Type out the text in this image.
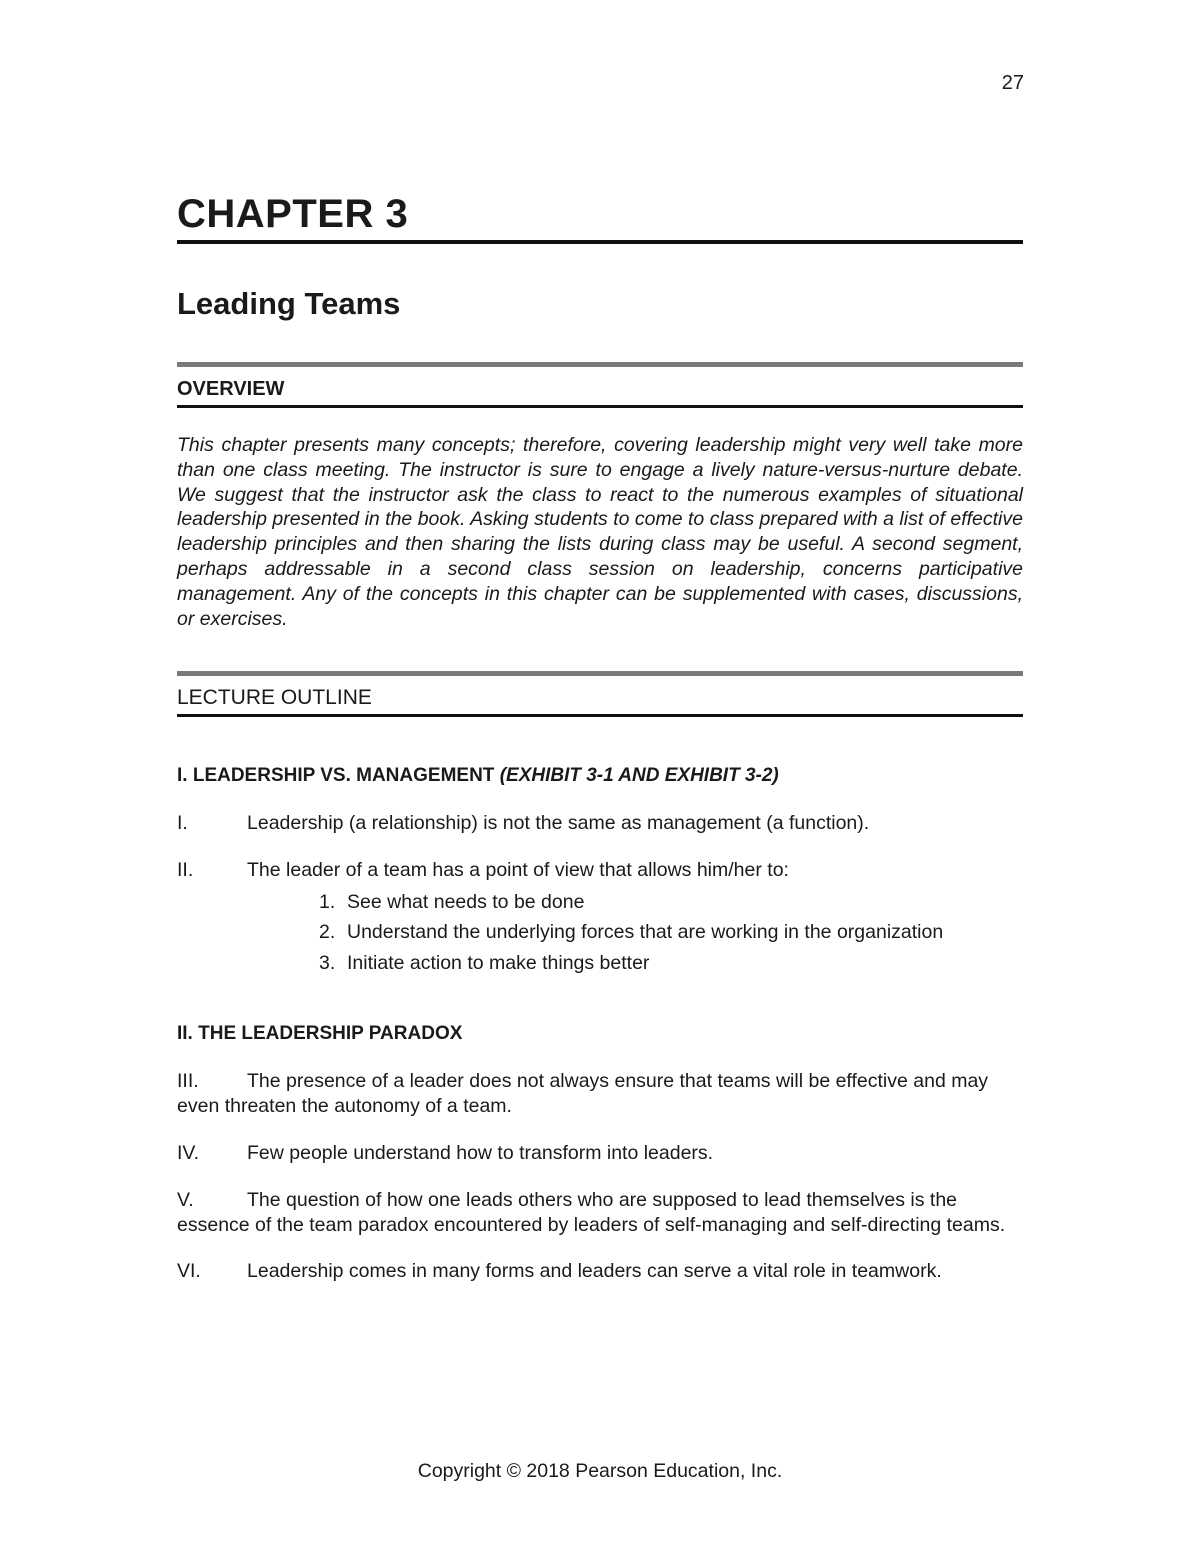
27
CHAPTER 3
Leading Teams
OVERVIEW

This chapter presents many concepts; therefore, covering leadership might very well take more than one class meeting. The instructor is sure to engage a lively nature-versus-nurture debate. We suggest that the instructor ask the class to react to the numerous examples of situational leadership presented in the book. Asking students to come to class prepared with a list of effective leadership principles and then sharing the lists during class may be useful. A second segment, perhaps addressable in a second class session on leadership, concerns participative management. Any of the concepts in this chapter can be supplemented with cases, discussions, or exercises.

LECTURE OUTLINE
I. LEADERSHIP VS. MANAGEMENT (EXHIBIT 3-1 AND EXHIBIT 3-2)

I.	Leadership (a relationship) is not the same as management (a function).

II.	The leader of a team has a point of view that allows him/her to:

1. See what needs to be done
2. Understand the underlying forces that are working in the organization
3. Initiate action to make things better
II. THE LEADERSHIP PARADOX

III. The presence of a leader does not always ensure that teams will be effective and may even threaten the autonomy of a team.

IV. Few people understand how to transform into leaders.

V.	The question of how one leads others who are supposed to lead themselves is the essence of the team paradox encountered by leaders of self-managing and self-directing teams.

VI. Leadership comes in many forms and leaders can serve a vital role in teamwork.

Copyright © 2018 Pearson Education, Inc.
